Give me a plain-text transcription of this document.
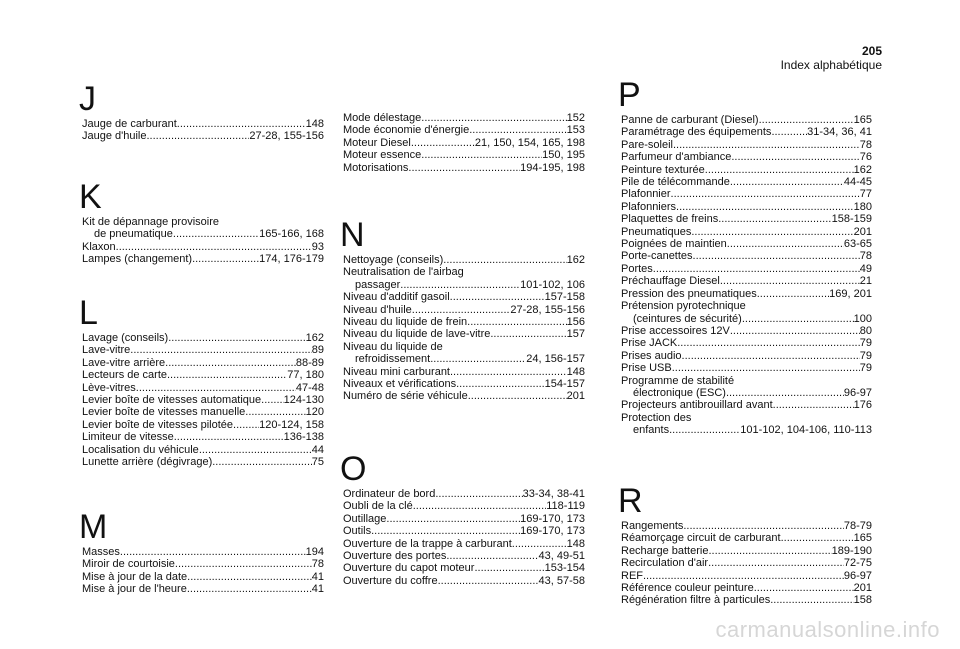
205
Index alphabétique
J
Jauge de carburant .....	148
Jauge d'huile .....	27-28, 155-156
K
Kit de dépannage provisoire
de pneumatique .....	165-166, 168
Klaxon .....	93
Lampes (changement) .....	174, 176-179
L
Lavage (conseils) .....	162
Lave-vitre .....	89
Lave-vitre arrière .....	88-89
Lecteurs de carte .....	77, 180
Lève-vitres .....	47-48
Levier boîte de vitesses automatique ..... 124-130
Levier boîte de vitesses manuelle .....	120
Levier boîte de vitesses pilotée ..... 120-124, 158
Limiteur de vitesse .....	136-138
Localisation du véhicule .....	44
Lunette arrière (dégivrage) .....	75
M
Masses .....	194
Miroir de courtoisie .....	78
Mise à jour de la date .....	41
Mise à jour de l'heure .....	41
Mode délestage .....	152
Mode économie d'énergie .....	153
Moteur Diesel .....	21, 150, 154, 165, 198
Moteur essence .....	150, 195
Motorisations .....	194-195, 198
N
Nettoyage (conseils) .....	162
Neutralisation de l'airbag
passager .....	101-102, 106
Niveau d'additif gasoil .....	157-158
Niveau d'huile .....	27-28, 155-156
Niveau du liquide de frein .....	156
Niveau du liquide de lave-vitre .....	157
Niveau du liquide de
refroidissement .....	24, 156-157
Niveau mini carburant .....	148
Niveaux et vérifications .....	154-157
Numéro de série véhicule .....	201
O
Ordinateur de bord .....	33-34, 38-41
Oubli de la clé .....	118-119
Outillage .....	169-170, 173
Outils .....	169-170, 173
Ouverture de la trappe à carburant .....	148
Ouverture des portes .....	43, 49-51
Ouverture du capot moteur .....	153-154
Ouverture du coffre .....	43, 57-58
P
Panne de carburant (Diesel) .....	165
Paramétrage des équipements .....	31-34, 36, 41
Pare-soleil .....	78
Parfumeur d'ambiance .....	76
Peinture texturée .....	162
Pile de télécommande .....	44-45
Plafonnier .....	77
Plafonniers .....	180
Plaquettes de freins .....	158-159
Pneumatiques .....	201
Poignées de maintien .....	63-65
Porte-canettes .....	78
Portes .....	49
Préchauffage Diesel .....	21
Pression des pneumatiques .....	169, 201
Prétension pyrotechnique
(ceintures de sécurité) .....	100
Prise accessoires 12V .....	80
Prise JACK .....	79
Prises audio .....	79
Prise USB .....	79
Programme de stabilité
électronique (ESC) .....	96-97
Projecteurs antibrouillard avant .....	176
Protection des
enfants .....	101-102, 104-106, 110-113
R
Rangements .....	78-79
Réamorçage circuit de carburant .....	165
Recharge batterie .....	189-190
Recirculation d'air .....	72-75
REF .....	96-97
Référence couleur peinture .....	201
Régénération filtre à particules .....	158
carmanualsonline.info
